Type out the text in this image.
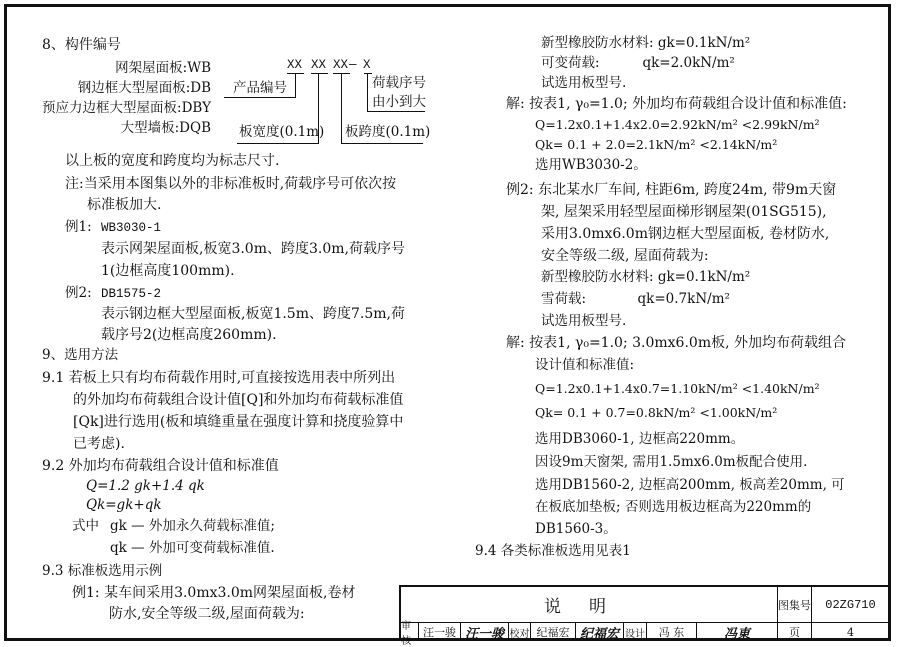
8、构件编号
网架屋面板:WB
钢边框大型屋面板:DB
预应力边框大型屋面板:DBY
大型墙板:DQB
XX XX XX — X
产品编号	荷载序号
由小到大
板宽度(0.1m) 板跨度(0.1m)
以上板的宽度和跨度均为标志尺寸.
注:当采用本图集以外的非标准板时,荷载序号可依次按
标准板加大.
例1: WB3030-1
表示网架屋面板,板宽3.0m、跨度3.0m,荷载序号
1(边框高度100mm).
例2: DB1575-2
表示钢边框大型屋面板,板宽1.5m、跨度7.5m,荷
载序号2(边框高度260mm).
9、选用方法
9.1 若板上只有均布荷载作用时,可直接按选用表中所列出
的外加均布荷载组合设计值[Q]和外加均布荷载标准值
[Qk]进行选用(板和填缝重量在强度计算和挠度验算中
已考虑).
9.2 外加均布荷载组合设计值和标准值
Q=1.2 gk+1.4 qk
Qk=gk+qk
式中 gk — 外加永久荷载标准值;
qk — 外加可变荷载标准值.
9.3 标准板选用示例
例1: 某车间采用3.0mx3.0m网架屋面板,卷材
防水,安全等级二级,屋面荷载为:
新型橡胶防水材料: gk=0.1kN/m²
可变荷载:          qk=2.0kN/m²
试选用板型号.
解: 按表1, γ₀=1.0; 外加均布荷载组合设计值和标准值:
Q=1.2x0.1+1.4x2.0=2.92kN/m² <2.99kN/m²
Qk= 0.1 + 2.0=2.1kN/m² <2.14kN/m²
选用WB3030-2。
例2: 东北某水厂车间, 柱距6m, 跨度24m, 带9m天窗
架, 屋架采用轻型屋面梯形钢屋架(01SG515),
采用3.0mx6.0m钢边框大型屋面板, 卷材防水,
安全等级二级, 屋面荷载为:
新型橡胶防水材料: gk=0.1kN/m²
雪荷载:            qk=0.7kN/m²
试选用板型号.
解: 按表1, γ₀=1.0; 3.0mx6.0m板, 外加均布荷载组合
设计值和标准值:
Q=1.2x0.1+1.4x0.7=1.10kN/m² <1.40kN/m²
Qk= 0.1 + 0.7=0.8kN/m² <1.00kN/m²
选用DB3060-1, 边框高220mm。
因设9m天窗架, 需用1.5mx6.0m板配合使用.
选用DB1560-2, 边框高200mm, 板高差20mm, 可
在板底加垫板; 否则选用板边框高为220mm的
DB1560-3。
9.4 各类标准板选用见表1
说明	图集号	02ZG710
审核
汪一骏 汪一骏 校对 纪福宏 纪福宏 设计	冯 东	冯東	页	4
